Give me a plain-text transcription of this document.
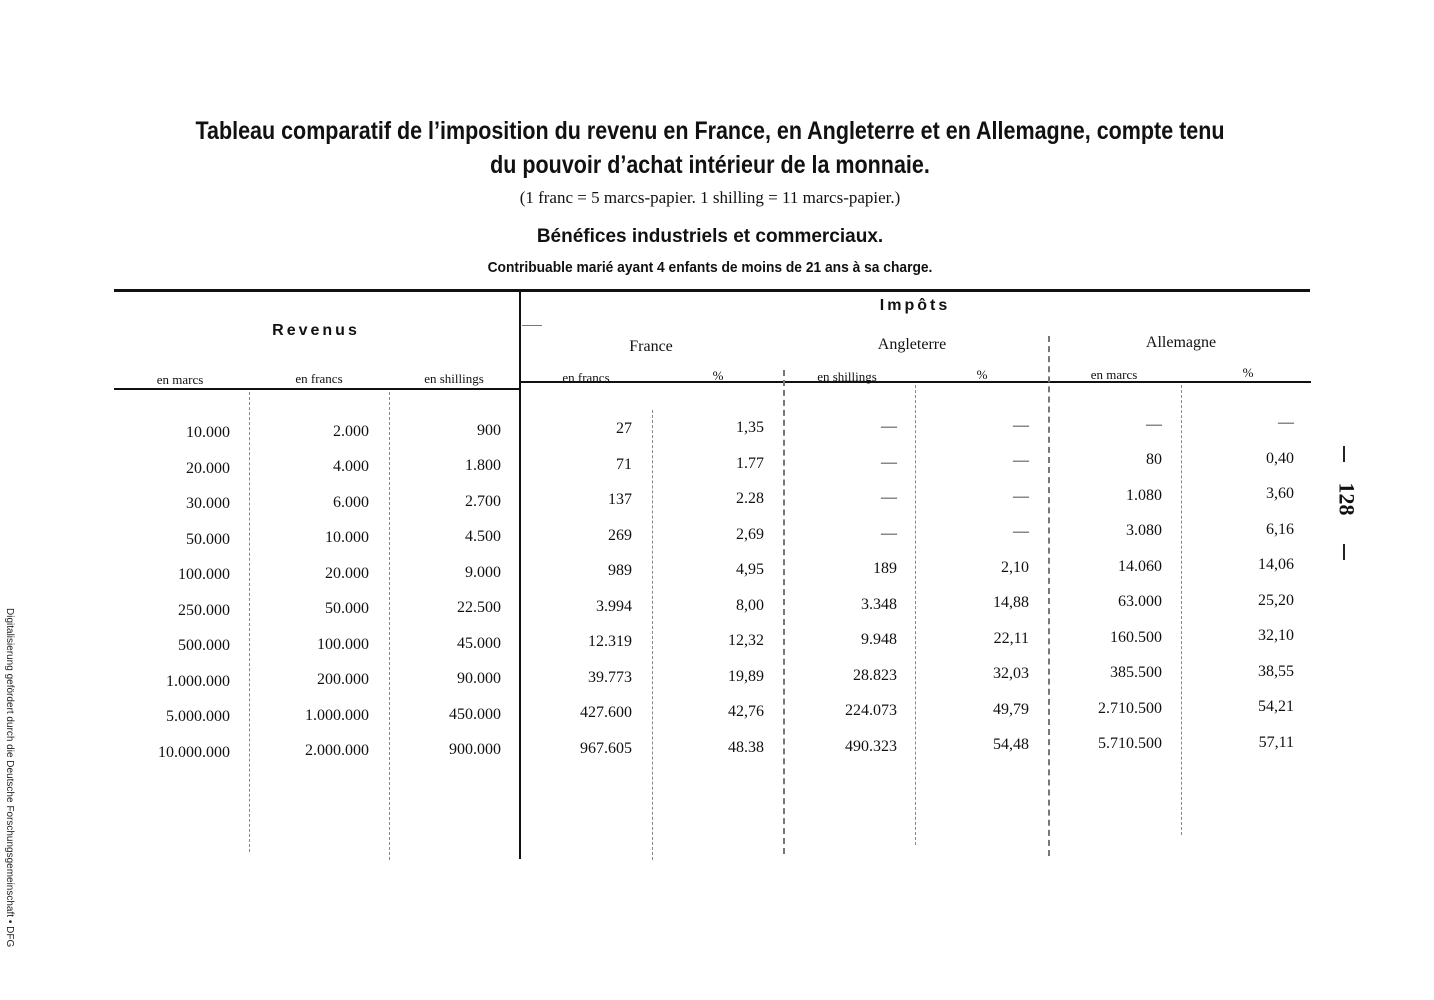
Tableau comparatif de l’imposition du revenu en France, en Angleterre et en Allemagne, compte tenu du pouvoir d’achat intérieur de la monnaie.
(1 franc = 5 marcs-papier. 1 shilling = 11 marcs-papier.)
Bénéfices industriels et commerciaux.
Contribuable marié ayant 4 enfants de moins de 21 ans à sa charge.
Revenus
Impôts
France	Angleterre	Allemagne
en marcs	en francs	en shillings	en francs	%	en shillings	%	en marcs	%
10.000	2.000	900	27	1,35	—	—	—	—
20.000	4.000	1.800	71	1.77	—	—	80	0,40
30.000	6.000	2.700	137	2.28	—	—	1.080	3,60
50.000	10.000	4.500	269	2,69	—	—	3.080	6,16
100.000	20.000	9.000	989	4,95	189	2,10	14.060	14,06
250.000	50.000	22.500	3.994	8,00	3.348	14,88	63.000	25,20
500.000	100.000	45.000	12.319	12,32	9.948	22,11	160.500	32,10
1.000.000	200.000	90.000	39.773	19,89	28.823	32,03	385.500	38,55
5.000.000	1.000.000	450.000	427.600	42,76	224.073	49,79	2.710.500	54,21
10.000.000	2.000.000	900.000	967.605	48.38	490.323	54,48	5.710.500	57,11
Digitalisierung gefördert durch die Deutsche Forschungsgemeinschaft • DFG
128
